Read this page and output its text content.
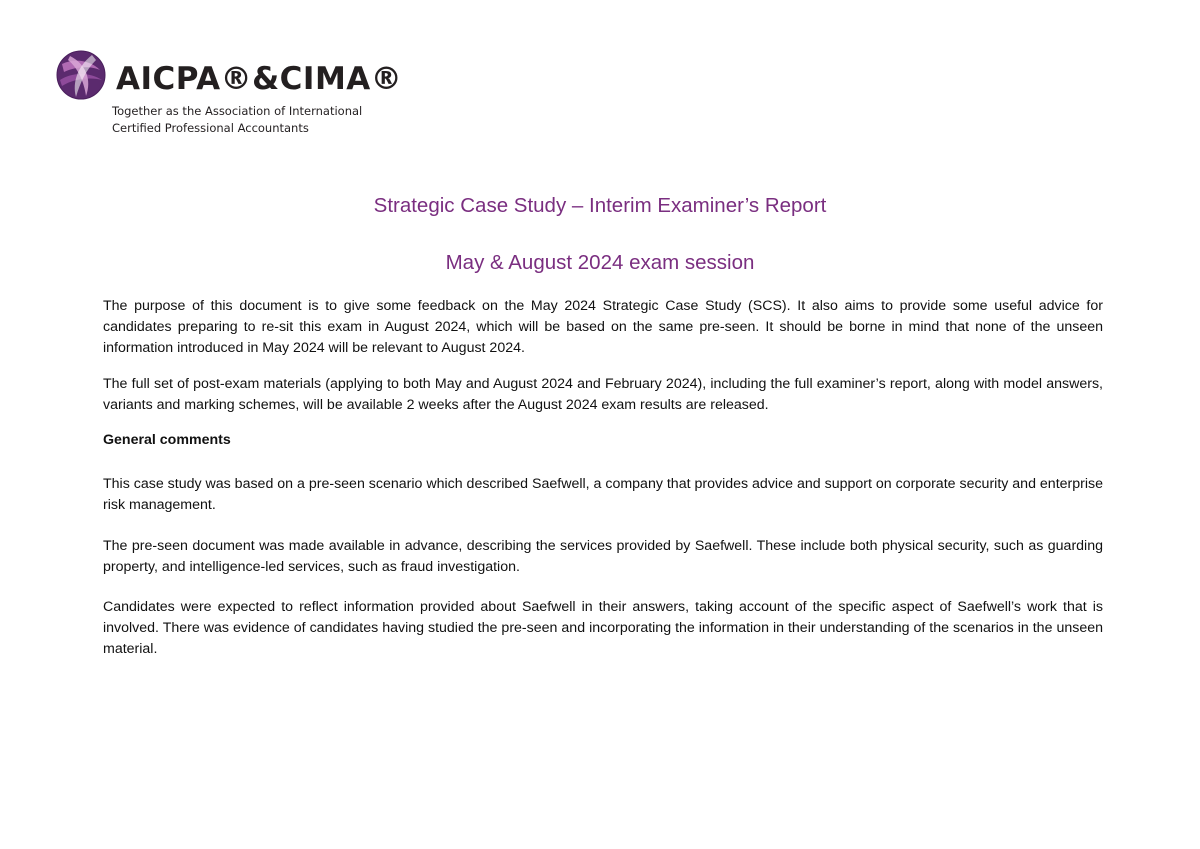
AICPA®&CIMA®
Together as the Association of International
Certified Professional Accountants
Strategic Case Study – Interim Examiner’s Report
May & August 2024 exam session
The purpose of this document is to give some feedback on the May 2024 Strategic Case Study (SCS). It also aims to provide some useful advice for candidates preparing to re-sit this exam in August 2024, which will be based on the same pre-seen. It should be borne in mind that none of the unseen information introduced in May 2024 will be relevant to August 2024.
The full set of post-exam materials (applying to both May and August 2024 and February 2024), including the full examiner’s report, along with model answers, variants and marking schemes, will be available 2 weeks after the August 2024 exam results are released.
General comments
This case study was based on a pre-seen scenario which described Saefwell, a company that provides advice and support on corporate security and enterprise risk management.
The pre-seen document was made available in advance, describing the services provided by Saefwell. These include both physical security, such as guarding property, and intelligence-led services, such as fraud investigation.
Candidates were expected to reflect information provided about Saefwell in their answers, taking account of the specific aspect of Saefwell’s work that is involved. There was evidence of candidates having studied the pre-seen and incorporating the information in their understanding of the scenarios in the unseen material.
